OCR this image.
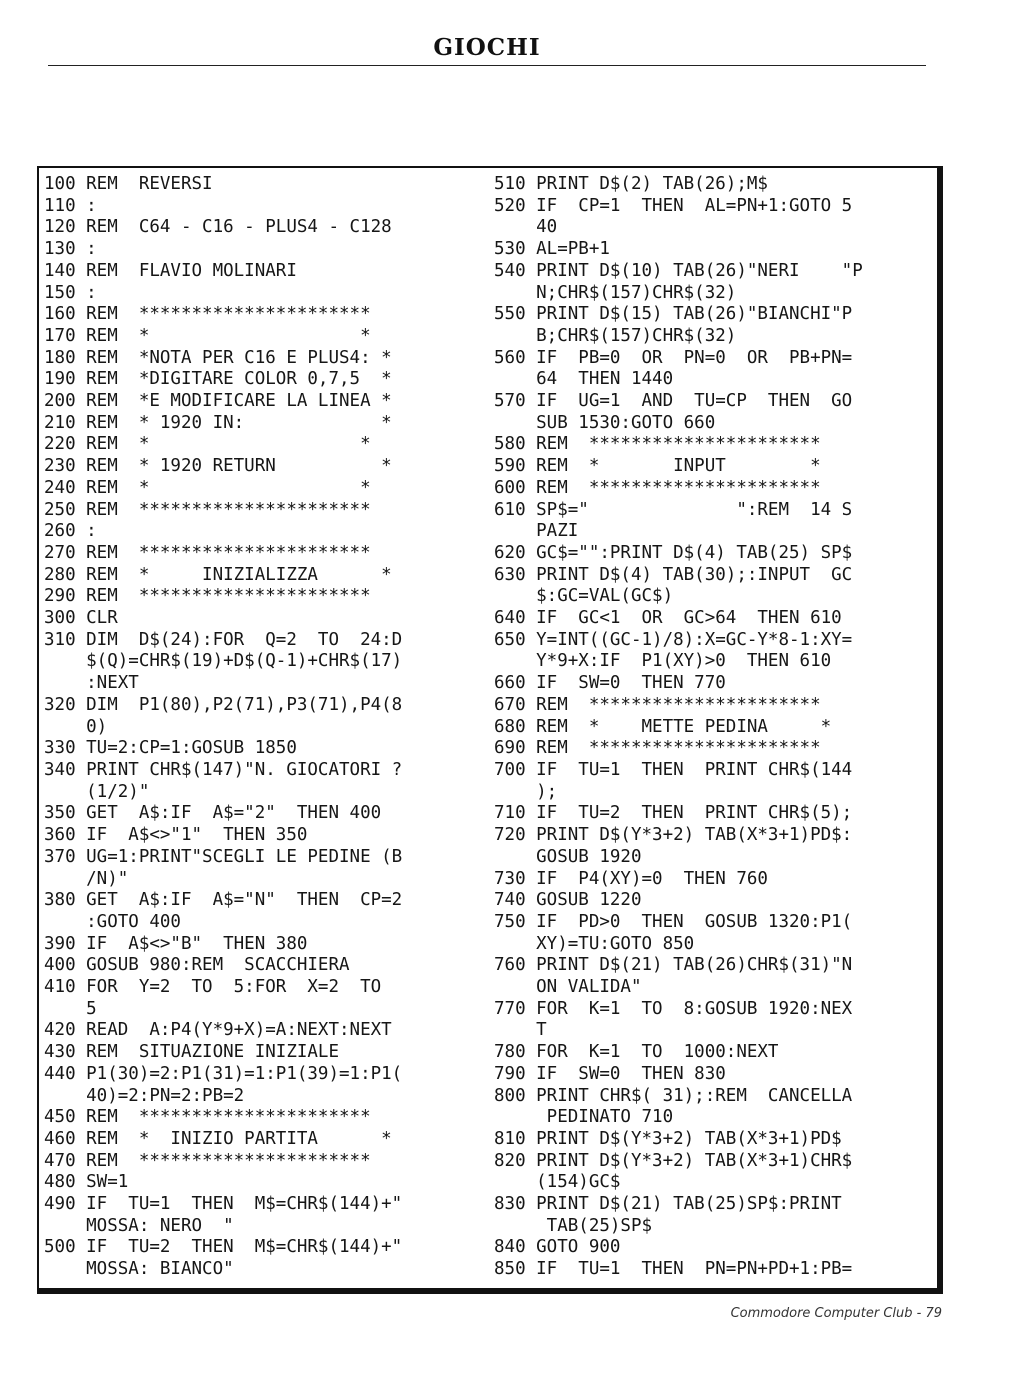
GIOCHI
100 REM  REVERSI
110 :
120 REM  C64 - C16 - PLUS4 - C128
130 :
140 REM  FLAVIO MOLINARI
150 :
160 REM  **********************
170 REM  *                    *
180 REM  *NOTA PER C16 E PLUS4: *
190 REM  *DIGITARE COLOR 0,7,5  *
200 REM  *E MODIFICARE LA LINEA *
210 REM  * 1920 IN:             *
220 REM  *                    *
230 REM  * 1920 RETURN          *
240 REM  *                    *
250 REM  **********************
260 :
270 REM  **********************
280 REM  *     INIZIALIZZA      *
290 REM  **********************
300 CLR
310 DIM  D$(24):FOR  Q=2  TO  24:D
$(Q)=CHR$(19)+D$(Q-1)+CHR$(17)
:NEXT
320 DIM  P1(80),P2(71),P3(71),P4(8
0)
330 TU=2:CP=1:GOSUB 1850
340 PRINT CHR$(147)"N. GIOCATORI ?
(1/2)"
350 GET  A$:IF  A$="2"  THEN 400
360 IF  A$<>"1"  THEN 350
370 UG=1:PRINT"SCEGLI LE PEDINE (B
/N)"
380 GET  A$:IF  A$="N"  THEN  CP=2
:GOTO 400
390 IF  A$<>"B"  THEN 380
400 GOSUB 980:REM  SCACCHIERA
410 FOR  Y=2  TO  5:FOR  X=2  TO
5
420 READ  A:P4(Y*9+X)=A:NEXT:NEXT
430 REM  SITUAZIONE INIZIALE
440 P1(30)=2:P1(31)=1:P1(39)=1:P1(
40)=2:PN=2:PB=2
450 REM  **********************
460 REM  *  INIZIO PARTITA      *
470 REM  **********************
480 SW=1
490 IF  TU=1  THEN  M$=CHR$(144)+"
MOSSA: NERO  "
500 IF  TU=2  THEN  M$=CHR$(144)+"
MOSSA: BIANCO"
510 PRINT D$(2) TAB(26);M$
520 IF  CP=1  THEN  AL=PN+1:GOTO 5
40
530 AL=PB+1
540 PRINT D$(10) TAB(26)"NERI    "P
N;CHR$(157)CHR$(32)
550 PRINT D$(15) TAB(26)"BIANCHI"P
B;CHR$(157)CHR$(32)
560 IF  PB=0  OR  PN=0  OR  PB+PN=
64  THEN 1440
570 IF  UG=1  AND  TU=CP  THEN  GO
SUB 1530:GOTO 660
580 REM  **********************
590 REM  *       INPUT        *
600 REM  **********************
610 SP$="              ":REM  14 S
PAZI
620 GC$="":PRINT D$(4) TAB(25) SP$
630 PRINT D$(4) TAB(30);:INPUT  GC
$:GC=VAL(GC$)
640 IF  GC<1  OR  GC>64  THEN 610
650 Y=INT((GC-1)/8):X=GC-Y*8-1:XY=
Y*9+X:IF  P1(XY)>0  THEN 610
660 IF  SW=0  THEN 770
670 REM  **********************
680 REM  *    METTE PEDINA     *
690 REM  **********************
700 IF  TU=1  THEN  PRINT CHR$(144
);
710 IF  TU=2  THEN  PRINT CHR$(5);
720 PRINT D$(Y*3+2) TAB(X*3+1)PD$:
GOSUB 1920
730 IF  P4(XY)=0  THEN 760
740 GOSUB 1220
750 IF  PD>0  THEN  GOSUB 1320:P1(
XY)=TU:GOTO 850
760 PRINT D$(21) TAB(26)CHR$(31)"N
ON VALIDA"
770 FOR  K=1  TO  8:GOSUB 1920:NEX
T
780 FOR  K=1  TO  1000:NEXT
790 IF  SW=0  THEN 830
800 PRINT CHR$( 31);:REM  CANCELLA
PEDINATO 710
810 PRINT D$(Y*3+2) TAB(X*3+1)PD$
820 PRINT D$(Y*3+2) TAB(X*3+1)CHR$
(154)GC$
830 PRINT D$(21) TAB(25)SP$:PRINT
TAB(25)SP$
840 GOTO 900
850 IF  TU=1  THEN  PN=PN+PD+1:PB=
Commodore Computer Club - 79
